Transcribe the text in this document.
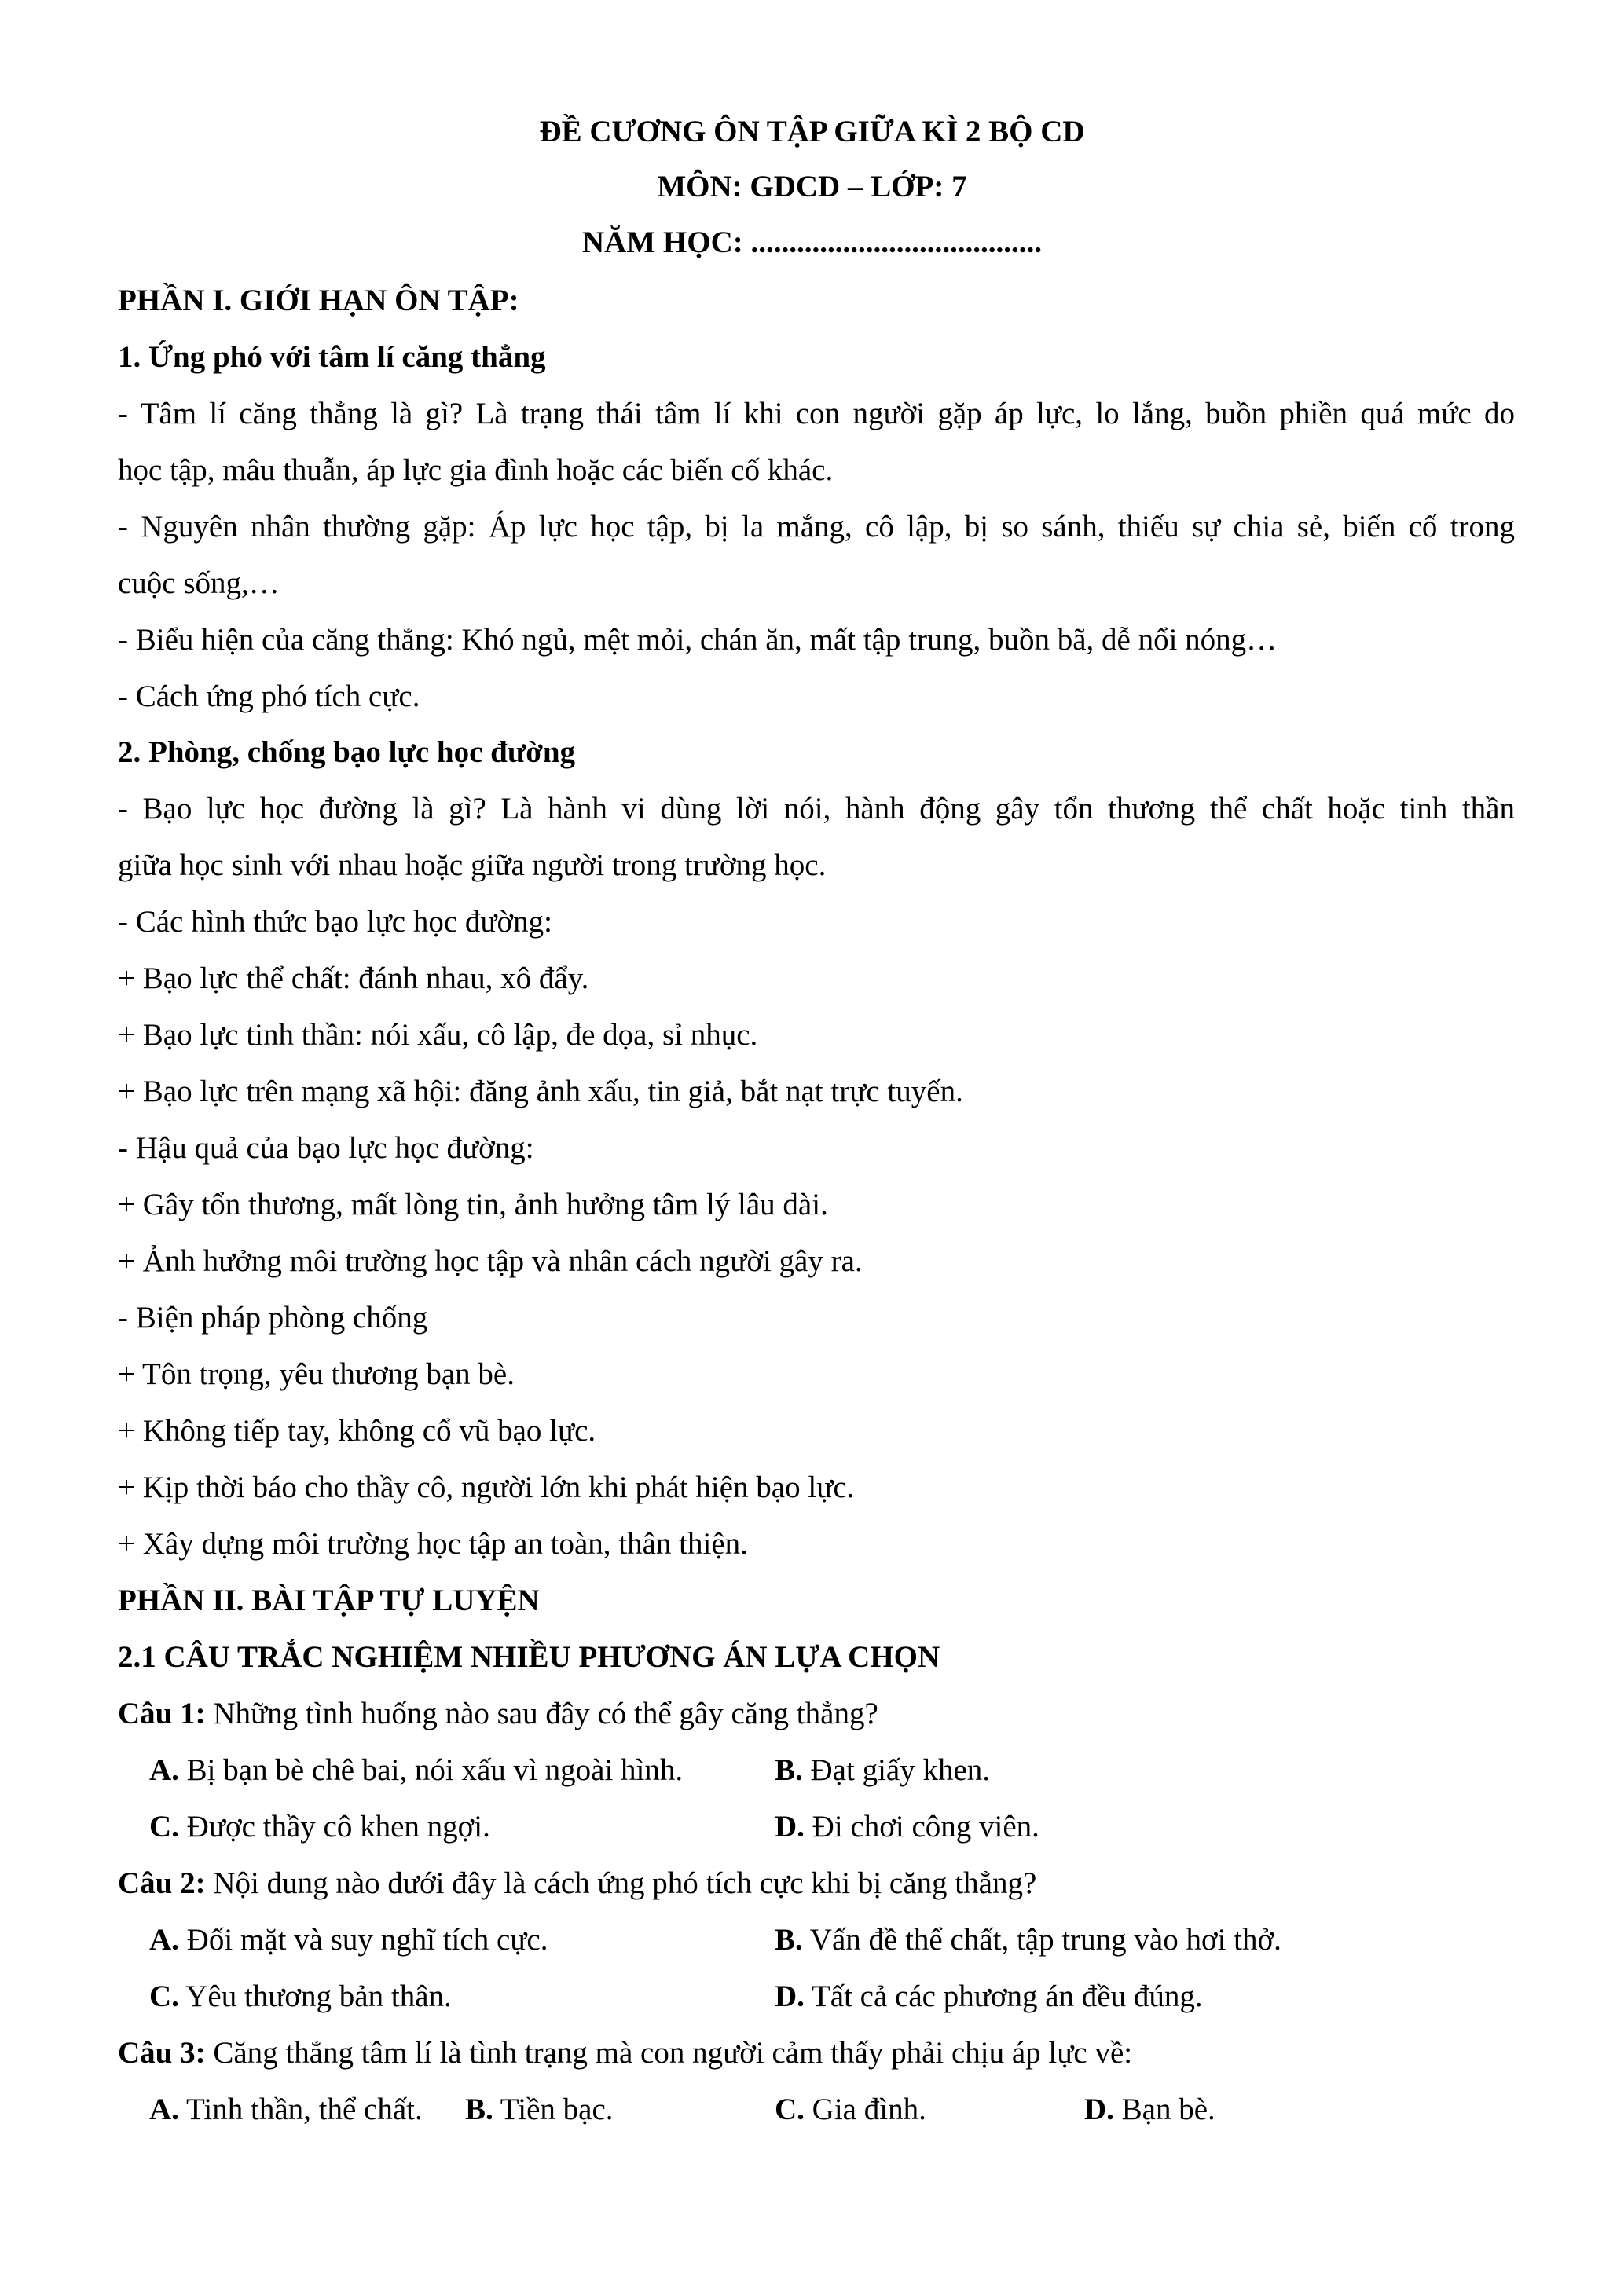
ĐỀ CƯƠNG ÔN TẬP GIỮA KÌ 2 BỘ CD
MÔN: GDCD – LỚP: 7
NĂM HỌC: ......................................
PHẦN I. GIỚI HẠN ÔN TẬP:
1. Ứng phó với tâm lí căng thẳng
- Tâm lí căng thẳng là gì? Là trạng thái tâm lí khi con người gặp áp lực, lo lắng, buồn phiền quá mức do
học tập, mâu thuẫn, áp lực gia đình hoặc các biến cố khác.
- Nguyên nhân thường gặp: Áp lực học tập, bị la mắng, cô lập, bị so sánh, thiếu sự chia sẻ, biến cố trong
cuộc sống,…
- Biểu hiện của căng thẳng: Khó ngủ, mệt mỏi, chán ăn, mất tập trung, buồn bã, dễ nổi nóng…
- Cách ứng phó tích cực.
2. Phòng, chống bạo lực học đường
- Bạo lực học đường là gì? Là hành vi dùng lời nói, hành động gây tổn thương thể chất hoặc tinh thần
giữa học sinh với nhau hoặc giữa người trong trường học.
- Các hình thức bạo lực học đường:
+ Bạo lực thể chất: đánh nhau, xô đẩy.
+ Bạo lực tinh thần: nói xấu, cô lập, đe dọa, sỉ nhục.
+ Bạo lực trên mạng xã hội: đăng ảnh xấu, tin giả, bắt nạt trực tuyến.
- Hậu quả của bạo lực học đường:
+ Gây tổn thương, mất lòng tin, ảnh hưởng tâm lý lâu dài.
+ Ảnh hưởng môi trường học tập và nhân cách người gây ra.
- Biện pháp phòng chống
+ Tôn trọng, yêu thương bạn bè.
+ Không tiếp tay, không cổ vũ bạo lực.
+ Kịp thời báo cho thầy cô, người lớn khi phát hiện bạo lực.
+ Xây dựng môi trường học tập an toàn, thân thiện.
PHẦN II. BÀI TẬP TỰ LUYỆN
2.1 CÂU TRẮC NGHIỆM NHIỀU PHƯƠNG ÁN LỰA CHỌN
Câu 1: Những tình huống nào sau đây có thể gây căng thẳng?
A. Bị bạn bè chê bai, nói xấu vì ngoài hình.	B. Đạt giấy khen.
C. Được thầy cô khen ngợi.	D. Đi chơi công viên.
Câu 2: Nội dung nào dưới đây là cách ứng phó tích cực khi bị căng thẳng?
A. Đối mặt và suy nghĩ tích cực.	B. Vấn đề thể chất, tập trung vào hơi thở.
C. Yêu thương bản thân.	D. Tất cả các phương án đều đúng.
Câu 3: Căng thẳng tâm lí là tình trạng mà con người cảm thấy phải chịu áp lực về:
A. Tinh thần, thể chất. B. Tiền bạc.	C. Gia đình.	D. Bạn bè.
